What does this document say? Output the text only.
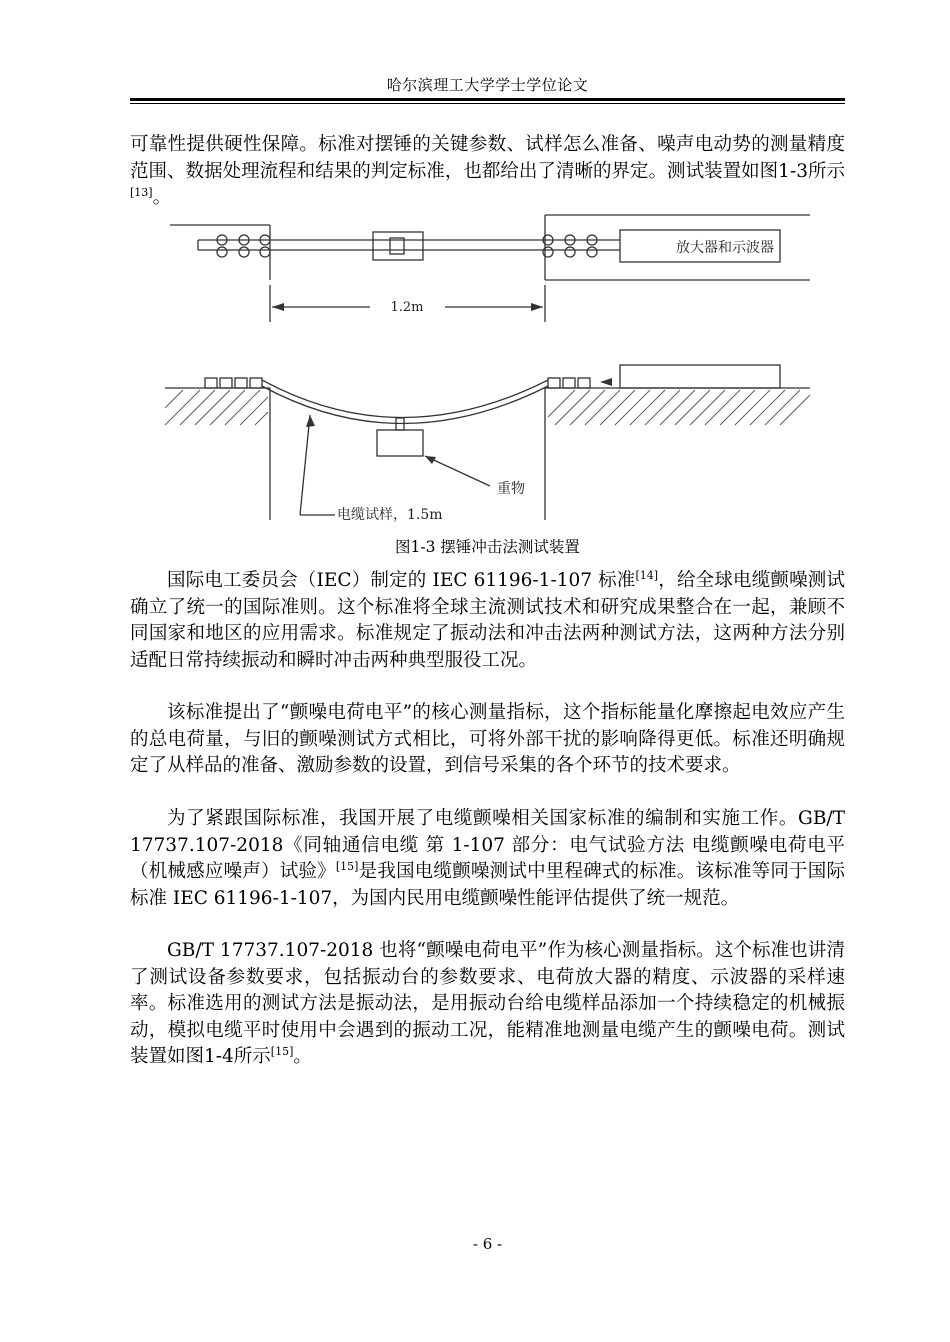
哈尔滨理工大学学士学位论文

可靠性提供硬性保障。标准对摆锤的关键参数、试样怎么准备、噪声电动势的测量精度范围、数据处理流程和结果的判定标准，也都给出了清晰的界定。测试装置如图1-3所示[13]。

放大器和示波器
1.2m
重物
电缆试样，1.5m
图1-3 摆锤冲击法测试装置

国际电工委员会（IEC）制定的 IEC 61196-1-107 标准[14]，给全球电缆颤噪测试确立了统一的国际准则。这个标准将全球主流测试技术和研究成果整合在一起，兼顾不同国家和地区的应用需求。标准规定了振动法和冲击法两种测试方法，这两种方法分别适配日常持续振动和瞬时冲击两种典型服役工况。

该标准提出了“颤噪电荷电平”的核心测量指标，这个指标能量化摩擦起电效应产生的总电荷量，与旧的颤噪测试方式相比，可将外部干扰的影响降得更低。标准还明确规定了从样品的准备、激励参数的设置，到信号采集的各个环节的技术要求。

为了紧跟国际标准，我国开展了电缆颤噪相关国家标准的编制和实施工作。GB/T 17737.107-2018《同轴通信电缆 第 1-107 部分：电气试验方法 电缆颤噪电荷电平（机械感应噪声）试验》[15]是我国电缆颤噪测试中里程碑式的标准。该标准等同于国际标准 IEC 61196-1-107，为国内民用电缆颤噪性能评估提供了统一规范。

GB/T 17737.107-2018 也将“颤噪电荷电平”作为核心测量指标。这个标准也讲清了测试设备参数要求，包括振动台的参数要求、电荷放大器的精度、示波器的采样速率。标准选用的测试方法是振动法，是用振动台给电缆样品添加一个持续稳定的机械振动，模拟电缆平时使用中会遇到的振动工况，能精准地测量电缆产生的颤噪电荷。测试装置如图1-4所示[15]。

- 6 -
